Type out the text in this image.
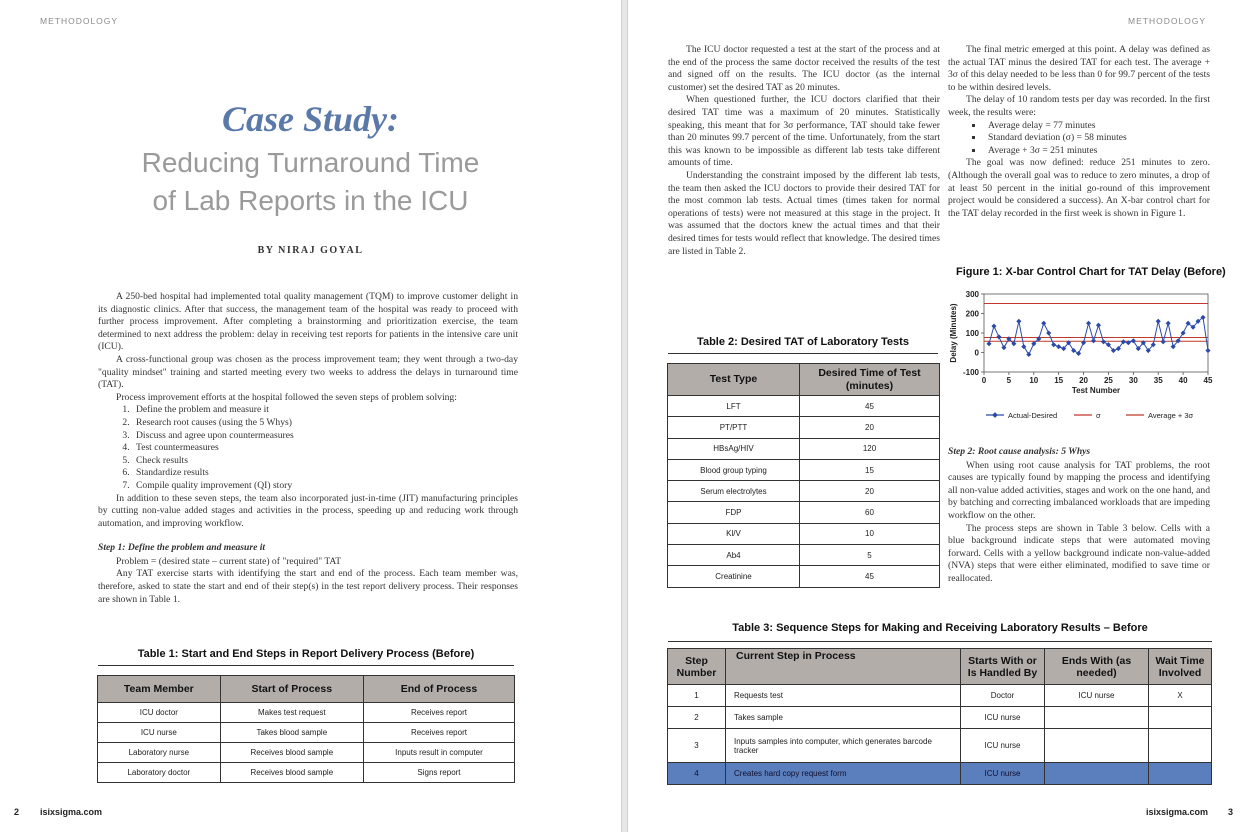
METHODOLOGY
Case Study:
Reducing Turnaround Time of Lab Reports in the ICU
BY NIRAJ GOYAL

A 250-bed hospital had implemented total quality management (TQM) to improve customer delight in its diagnostic clinics. After that success, the management team of the hospital was ready to proceed with further process improvement. After completing a brainstorming and prioritization exercise, the team determined to next address the problem: delay in receiving test reports for patients in the intensive care unit (ICU).

A cross-functional group was chosen as the process improvement team; they went through a two-day "quality mindset" training and started meeting every two weeks to address the delays in turnaround time (TAT).

Process improvement efforts at the hospital followed the seven steps of problem solving:

1. Define the problem and measure it
2. Research root causes (using the 5 Whys)
3. Discuss and agree upon countermeasures
4. Test countermeasures
5. Check results
6. Standardize results
7. Compile quality improvement (QI) story

In addition to these seven steps, the team also incorporated just-in-time (JIT) manufacturing principles by cutting non-value added stages and activities in the process, speeding up and reducing work through automation, and improving workflow.

Step 1: Define the problem and measure it

Problem = (desired state – current state) of "required" TAT

Any TAT exercise starts with identifying the start and end of the process. Each team member was, therefore, asked to state the start and end of their step(s) in the test report delivery process. Their responses are shown in Table 1.

Table 1: Start and End Steps in Report Delivery Process (Before)
Team Member	Start of Process	End of Process
ICU doctor	Makes test request	Receives report
ICU nurse	Takes blood sample	Receives report
Laboratory nurse	Receives blood sample	Inputs result in computer
Laboratory doctor	Receives blood sample	Signs report
2 isixsigma.com
METHODOLOGY

The ICU doctor requested a test at the start of the process and at the end of the process the same doctor received the results of the test and signed off on the results. The ICU doctor (as the internal customer) set the desired TAT as 20 minutes.

When questioned further, the ICU doctors clarified that their desired TAT time was a maximum of 20 minutes. Statistically speaking, this meant that for 3σ performance, TAT should take fewer than 20 minutes 99.7 percent of the time. Unfortunately, from the start this was known to be impossible as different lab tests take different amounts of time.

Understanding the constraint imposed by the different lab tests, the team then asked the ICU doctors to provide their desired TAT for the most common lab tests. Actual times (times taken for normal operations of tests) were not measured at this stage in the project. It was assumed that the doctors knew the actual times and that their desired times for tests would reflect that knowledge. The desired times are listed in Table 2.

Table 2: Desired TAT of Laboratory Tests
Test Type	Desired Time of Test (minutes)
LFT	45
PT/PTT	20
HBsAg/HIV	120
Blood group typing	15
Serum electrolytes	20
FDP	60
Kl/V	10
Ab4	5
Creatinine	45

The final metric emerged at this point. A delay was defined as the actual TAT minus the desired TAT for each test. The average + 3σ of this delay needed to be less than 0 for 99.7 percent of the tests to be within desired levels.

The delay of 10 random tests per day was recorded. In the first week, the results were:

▪ Average delay = 77 minutes
▪ Standard deviation (σ) = 58 minutes
▪ Average + 3σ = 251 minutes

The goal was now defined: reduce 251 minutes to zero. (Although the overall goal was to reduce to zero minutes, a drop of at least 50 percent in the initial go-round of this improvement project would be considered a success). An X-bar control chart for the TAT delay recorded in the first week is shown in Figure 1.

Figure 1: X-bar Control Chart for TAT Delay (Before)
-100
0
100
200
300
0	5 10 15 20 25 30 35 40 45
Test Number
Delay (Minutes)
Actual-Desired	σ	Average + 3σ
Step 2: Root cause analysis: 5 Whys

When using root cause analysis for TAT problems, the root causes are typically found by mapping the process and identifying all non-value added activities, stages and work on the one hand, and by batching and correcting imbalanced workloads that are impeding workflow on the other.

The process steps are shown in Table 3 below. Cells with a blue background indicate steps that were automated moving forward. Cells with a yellow background indicate non-value-added (NVA) steps that were either eliminated, modified to save time or reallocated.

Table 3: Sequence Steps for Making and Receiving Laboratory Results – Before
Step Number	Current Step in Process	Starts With or Is Handled By	Ends With (as needed)	Wait Time Involved
1	Requests test	Doctor	ICU nurse	X
2	Takes sample	ICU nurse		
3	Inputs samples into computer, which generates barcode tracker	ICU nurse		
4	Creates hard copy request form	ICU nurse		
isixsigma.com 3
